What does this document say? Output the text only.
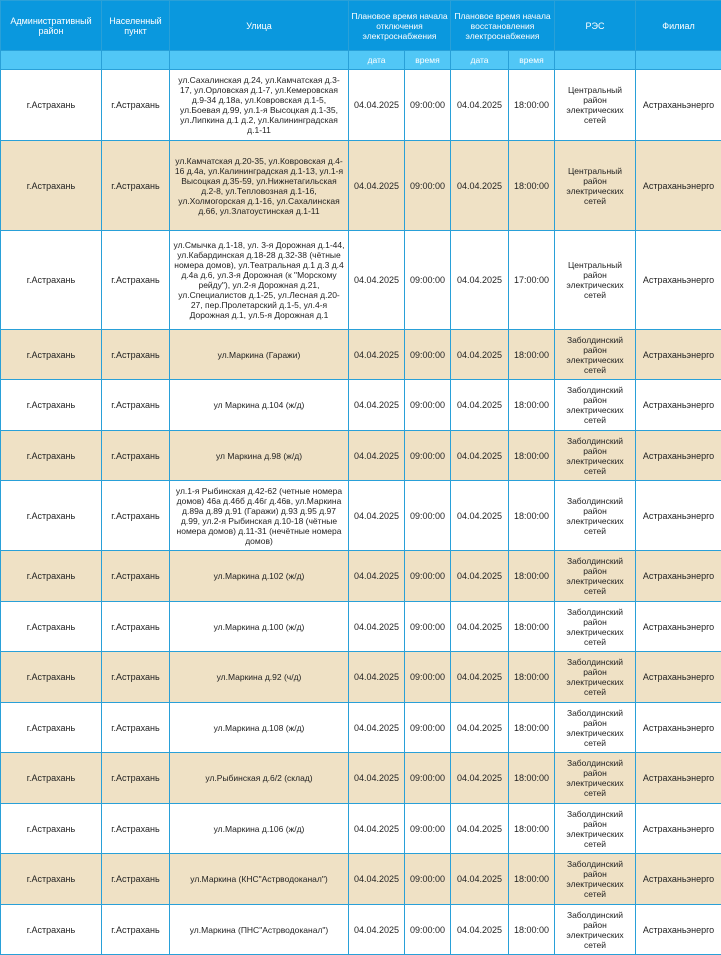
Административный район	Населенный пункт	Улица	Плановое время начала отключения электроснабжения		Плановое время начала восстановления электроснабжения		РЭС	Филиал
			дата	время	дата	время		
г.Астрахань	г.Астрахань	ул.Сахалинская д.24, ул.Камчатская д.3-17, ул.Орловская д.1-7, ул.Кемеровская д.9-34 д.18а, ул.Ковровская д.1-5, ул.Боевая д.99, ул.1-я Высоцкая д.1-35, ул.Липкина д.1 д.2, ул.Калининградская д.1-11	04.04.2025	09:00:00	04.04.2025	18:00:00	Центральный район электрических сетей	Астраханьэнерго
г.Астрахань	г.Астрахань	ул.Камчатская д.20-35, ул.Ковровская д.4-16 д.4а, ул.Калининградская д.1-13, ул.1-я Высоцкая д.35-59, ул.Нижнетагильская д.2-8, ул.Тепловозная д.1-16, ул.Холмогорская д.1-16, ул.Сахалинская д.66, ул.Златоустинская д.1-11	04.04.2025	09:00:00	04.04.2025	18:00:00	Центральный район электрических сетей	Астраханьэнерго
г.Астрахань	г.Астрахань	ул.Смычка д.1-18, ул. 3-я Дорожная д.1-44, ул.Кабардинская д.18-28 д.32-38 (чётные номера домов), ул.Театральная д.1 д.3 д.4 д.4а д.6, ул.3-я Дорожная (к "Морскому рейду"), ул.2-я Дорожная д.21, ул.Специалистов д.1-25, ул.Лесная д.20-27, пер.Пролетарский д.1-5, ул.4-я Дорожная д.1, ул.5-я Дорожная д.1	04.04.2025	09:00:00	04.04.2025	17:00:00	Центральный район электрических сетей	Астраханьэнерго
г.Астрахань	г.Астрахань	ул.Маркина (Гаражи)	04.04.2025	09:00:00	04.04.2025	18:00:00	Заболдинский район электрических сетей	Астраханьэнерго
г.Астрахань	г.Астрахань	ул Маркина д.104 (ж/д)	04.04.2025	09:00:00	04.04.2025	18:00:00	Заболдинский район электрических сетей	Астраханьэнерго
г.Астрахань	г.Астрахань	ул Маркина д.98 (ж/д)	04.04.2025	09:00:00	04.04.2025	18:00:00	Заболдинский район электрических сетей	Астраханьэнерго
г.Астрахань	г.Астрахань	ул.1-я Рыбинская д.42-62 (четные номера домов) 46а д.46б д.46г д.46в, ул.Маркина д.89а д.89 д.91 (Гаражи) д.93 д.95 д.97 д.99, ул.2-я Рыбинская д.10-18 (чётные номера домов) д.11-31 (нечётные номера домов)	04.04.2025	09:00:00	04.04.2025	18:00:00	Заболдинский район электрических сетей	Астраханьэнерго
г.Астрахань	г.Астрахань	ул.Маркина д.102 (ж/д)	04.04.2025	09:00:00	04.04.2025	18:00:00	Заболдинский район электрических сетей	Астраханьэнерго
г.Астрахань	г.Астрахань	ул.Маркина д.100 (ж/д)	04.04.2025	09:00:00	04.04.2025	18:00:00	Заболдинский район электрических сетей	Астраханьэнерго
г.Астрахань	г.Астрахань	ул.Маркина д.92 (ч/д)	04.04.2025	09:00:00	04.04.2025	18:00:00	Заболдинский район электрических сетей	Астраханьэнерго
г.Астрахань	г.Астрахань	ул.Маркина д.108 (ж/д)	04.04.2025	09:00:00	04.04.2025	18:00:00	Заболдинский район электрических сетей	Астраханьэнерго
г.Астрахань	г.Астрахань	ул.Рыбинская д.6/2 (склад)	04.04.2025	09:00:00	04.04.2025	18:00:00	Заболдинский район электрических сетей	Астраханьэнерго
г.Астрахань	г.Астрахань	ул.Маркина д.106 (ж/д)	04.04.2025	09:00:00	04.04.2025	18:00:00	Заболдинский район электрических сетей	Астраханьэнерго
г.Астрахань	г.Астрахань	ул.Маркина (КНС"Астрводоканал")	04.04.2025	09:00:00	04.04.2025	18:00:00	Заболдинский район электрических сетей	Астраханьэнерго
г.Астрахань	г.Астрахань	ул.Маркина (ПНС"Астрводоканал")	04.04.2025	09:00:00	04.04.2025	18:00:00	Заболдинский район электрических сетей	Астраханьэнерго
